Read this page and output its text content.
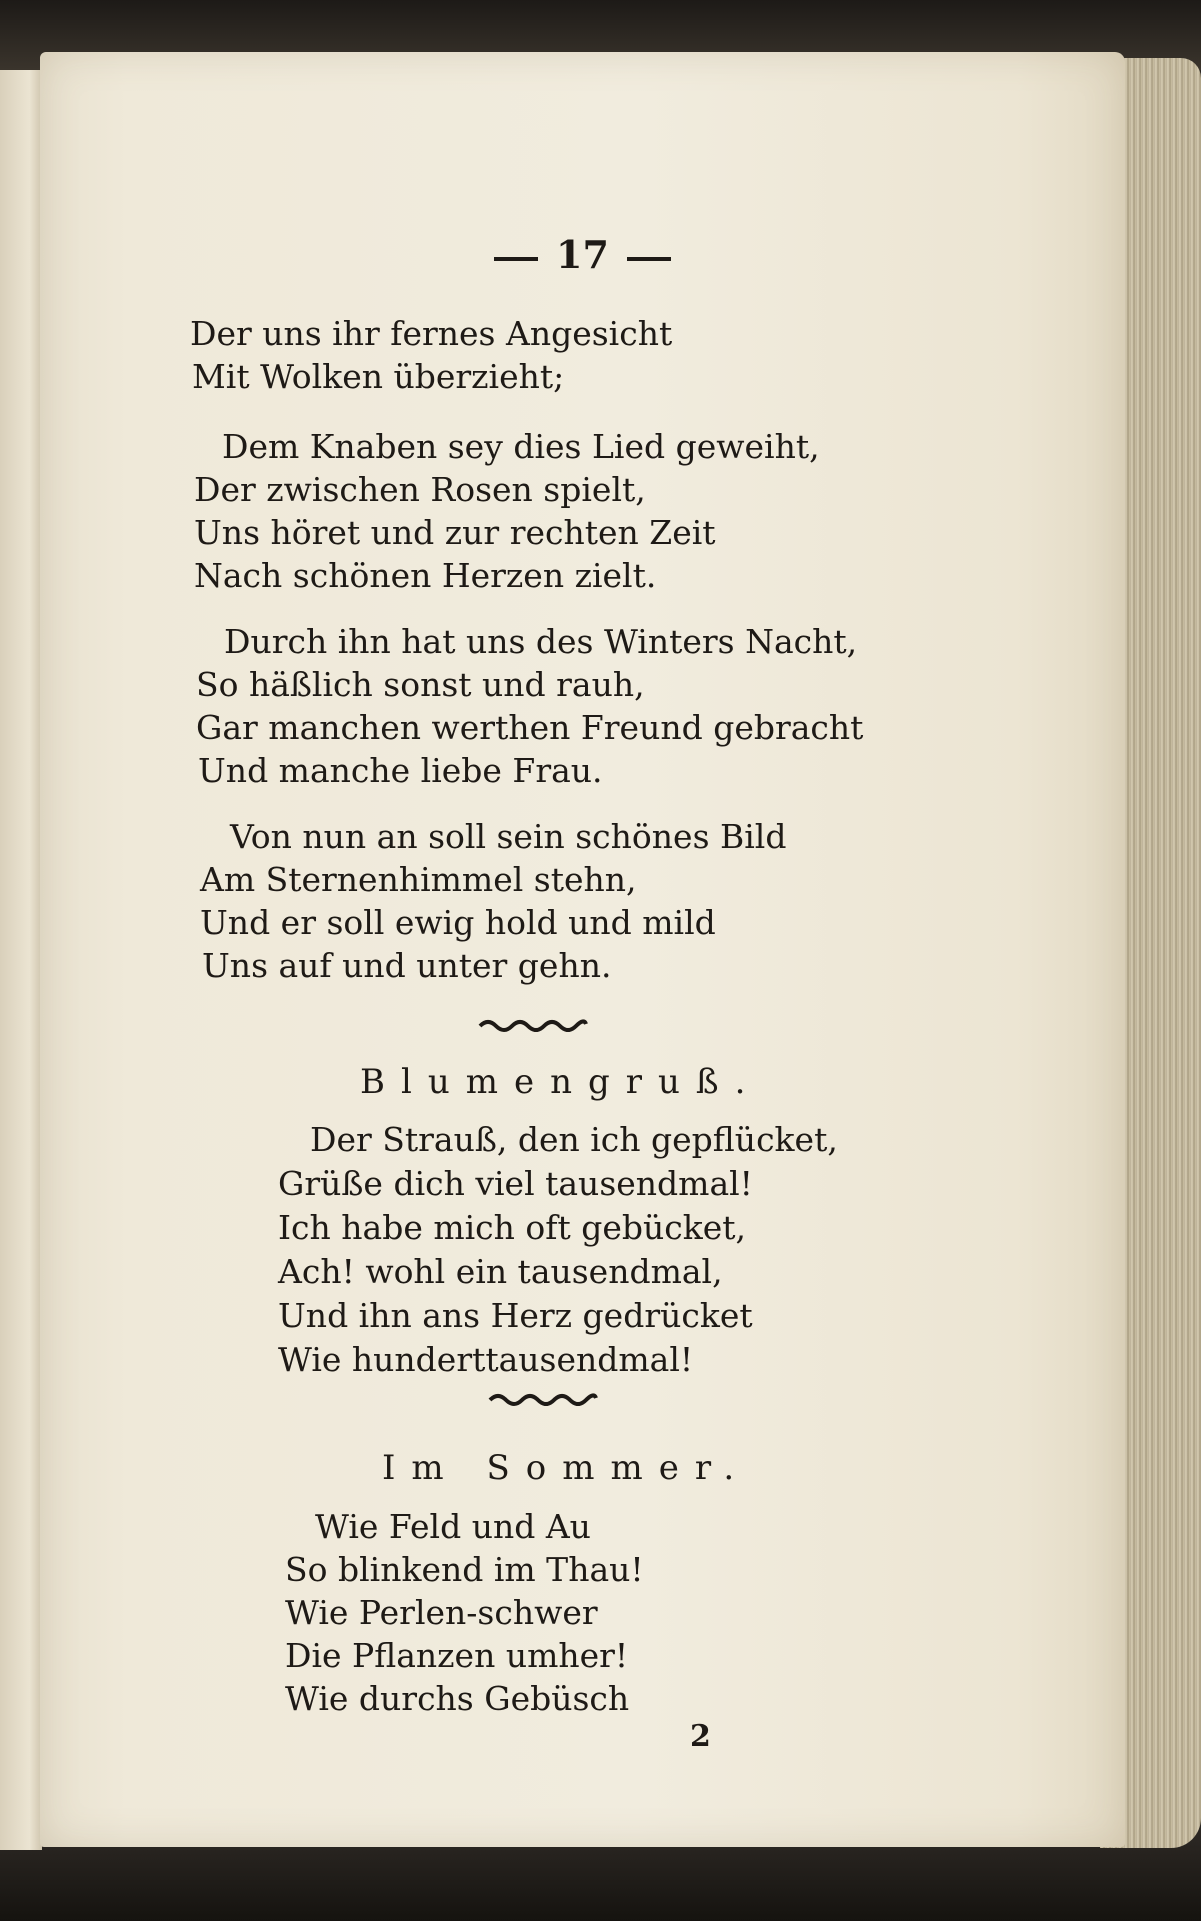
17
Der uns ihr fernes Angesicht
Mit Wolken überzieht;
Dem Knaben sey dies Lied geweiht,
Der zwischen Rosen spielt,
Uns höret und zur rechten Zeit
Nach schönen Herzen zielt.
Durch ihn hat uns des Winters Nacht,
So häßlich sonst und rauh,
Gar manchen werthen Freund gebracht
Und manche liebe Frau.
Von nun an soll sein schönes Bild
Am Sternenhimmel stehn,
Und er soll ewig hold und mild
Uns auf und unter gehn.
Blumengruß.
Der Strauß, den ich gepflücket,
Grüße dich viel tausendmal!
Ich habe mich oft gebücket,
Ach! wohl ein tausendmal,
Und ihn ans Herz gedrücket
Wie hunderttausendmal!
Im Sommer.
Wie Feld und Au
So blinkend im Thau!
Wie Perlen-schwer
Die Pflanzen umher!
Wie durchs Gebüsch
2
